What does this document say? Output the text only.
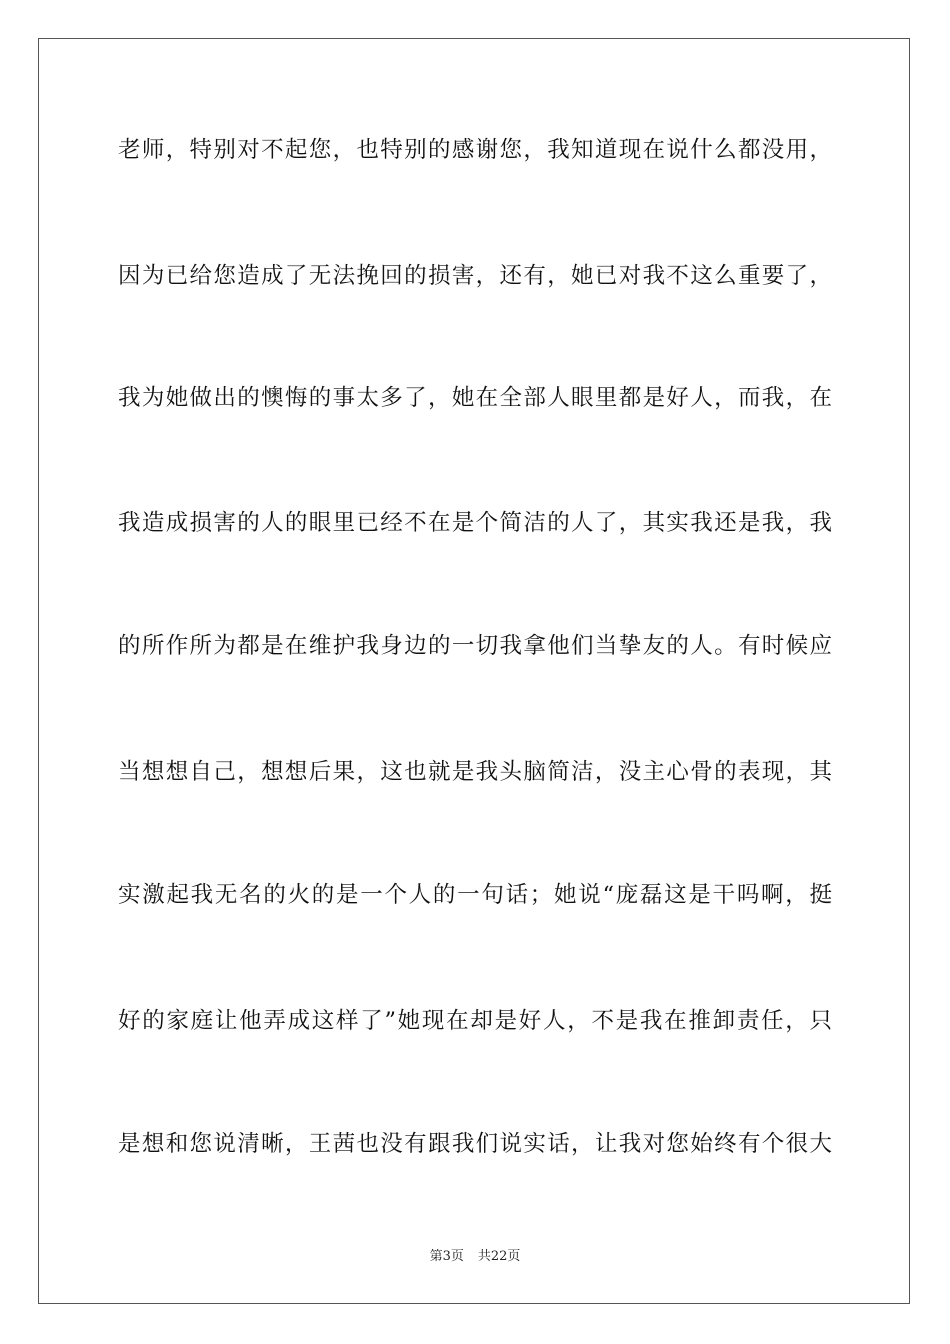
老师，特别对不起您，也特别的感谢您，我知道现在说什么都没用，
因为已给您造成了无法挽回的损害，还有，她已对我不这么重要了，
我为她做出的懊悔的事太多了，她在全部人眼里都是好人，而我，在
我造成损害的人的眼里已经不在是个简洁的人了，其实我还是我，我
的所作所为都是在维护我身边的一切我拿他们当挚友的人。有时候应
当想想自己，想想后果，这也就是我头脑简洁，没主心骨的表现，其
实激起我无名的火的是一个人的一句话；她说“庞磊这是干吗啊，挺
好的家庭让他弄成这样了”她现在却是好人，不是我在推卸责任，只
是想和您说清晰，王茜也没有跟我们说实话，让我对您始终有个很大
第3页 共22页
